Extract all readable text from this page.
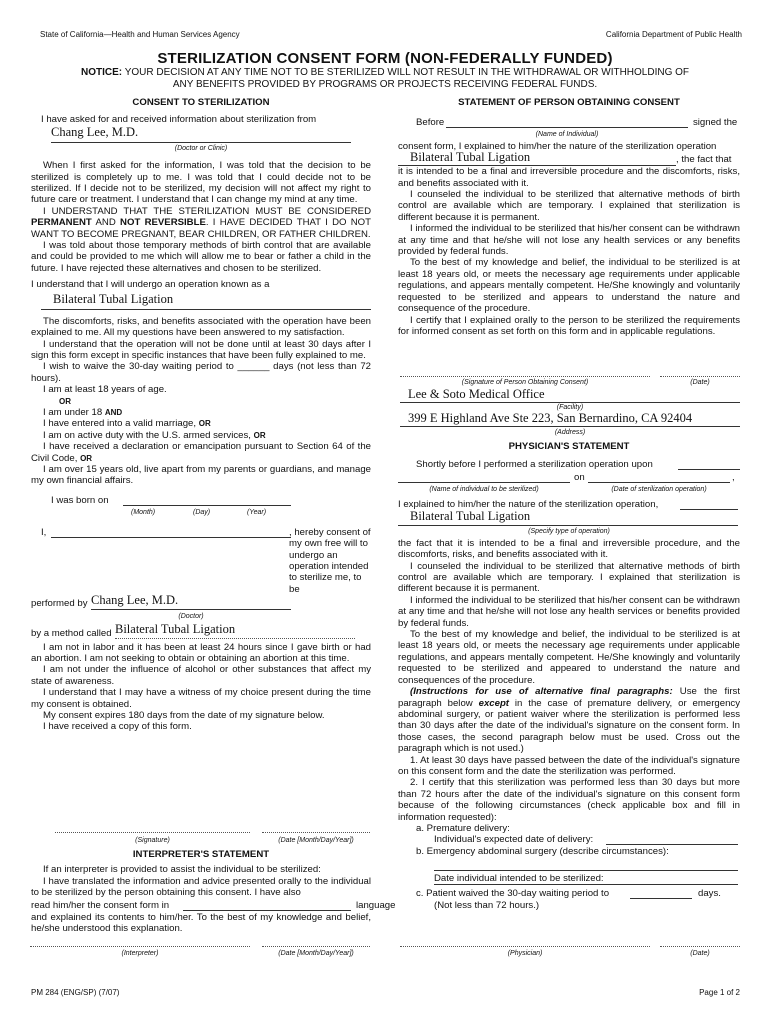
State of California—Health and Human Services Agency	California Department of Public Health
STERILIZATION CONSENT FORM (NON-FEDERALLY FUNDED)
NOTICE: YOUR DECISION AT ANY TIME NOT TO BE STERILIZED WILL NOT RESULT IN THE WITHDRAWAL OR WITHHOLDING OF
ANY BENEFITS PROVIDED BY PROGRAMS OR PROJECTS RECEIVING FEDERAL FUNDS.
CONSENT TO STERILIZATION

I have asked for and received information about sterilization from

Chang Lee, M.D.
(Doctor or Clinic)

When I first asked for the information, I was told that the decision to be sterilized is completely up to me. I was told that I could decide not to be sterilized. If I decide not to be sterilized, my decision will not affect my right to future care or treatment. I understand that I can change my mind at any time.

I UNDERSTAND THAT THE STERILIZATION MUST BE CONSIDERED PERMANENT AND NOT REVERSIBLE. I HAVE DECIDED THAT I DO NOT WANT TO BECOME PREGNANT, BEAR CHILDREN, OR FATHER CHILDREN.

I was told about those temporary methods of birth control that are available and could be provided to me which will allow me to bear or father a child in the future. I have rejected these alternatives and chosen to be sterilized.

I understand that I will undergo an operation known as a

Bilateral Tubal Ligation

The discomforts, risks, and benefits associated with the operation have been explained to me. All my questions have been answered to my satisfaction.

I understand that the operation will not be done until at least 30 days after I sign this form except in specific instances that have been fully explained to me.

I wish to waive the 30-day waiting period to ______ days (not less than 72 hours).

I am at least 18 years of age.

OR

I am under 18 AND

I have entered into a valid marriage, OR

I am on active duty with the U.S. armed services, OR

I have received a declaration or emancipation pursuant to Section 64 of the Civil Code, OR

I am over 15 years old, live apart from my parents or guardians, and manage my own financial affairs.

I was born on
(Month)	(Day)	(Year)
I,	, hereby consent of my own free will to undergo an operation intended to sterilize me, to be

performed by Chang Lee, M.D.
(Doctor)
by a method called Bilateral Tubal Ligation

I am not in labor and it has been at least 24 hours since I gave birth or had an abortion. I am not seeking to obtain or obtaining an abortion at this time.

I am not under the influence of alcohol or other substances that affect my state of awareness.

I understand that I may have a witness of my choice present during the time my consent is obtained.

My consent expires 180 days from the date of my signature below.

I have received a copy of this form.

(Signature)	(Date [Month/Day/Year])
INTERPRETER'S STATEMENT

If an interpreter is provided to assist the individual to be sterilized:

I have translated the information and advice presented orally to the individual to be sterilized by the person obtaining this consent. I have also

read him/her the consent form in	language

and explained its contents to him/her. To the best of my knowledge and belief, he/she understood this explanation.

(Interpreter)	(Date [Month/Day/Year])
STATEMENT OF PERSON OBTAINING CONSENT
Before	signed the
(Name of Individual)

consent form, I explained to him/her the nature of the sterilization operation

Bilateral Tubal Ligation	, the fact that

it is intended to be a final and irreversible procedure and the discomforts, risks, and benefits associated with it.

I counseled the individual to be sterilized that alternative methods of birth control are available which are temporary. I explained that sterilization is different because it is permanent.

I informed the individual to be sterilized that his/her consent can be withdrawn at any time and that he/she will not lose any health services or any benefits provided by federal funds.

To the best of my knowledge and belief, the individual to be sterilized is at least 18 years old, or meets the necessary age requirements under applicable regulations, and appears mentally competent. He/She knowingly and voluntarily requested to be sterilized and appears to understand the nature and consequence of the procedure.

I certify that I explained orally to the person to be sterilized the requirements for informed consent as set forth on this form and in applicable regulations.

(Signature of Person Obtaining Consent)	(Date)
Lee & Soto Medical Office
(Facility)
399 E Highland Ave Ste 223, San Bernardino, CA 92404
(Address)
PHYSICIAN'S STATEMENT
Shortly before I performed a sterilization operation upon
on	,
(Name of individual to be sterilized)	(Date of sterilization operation)
I explained to him/her the nature of the sterilization operation,
Bilateral Tubal Ligation
(Specify type of operation)

the fact that it is intended to be a final and irreversible procedure, and the discomforts, risks, and benefits associated with it.

I counseled the individual to be sterilized that alternative methods of birth control are available which are temporary. I explained that sterilization is different because it is permanent.

I informed the individual to be sterilized that his/her consent can be withdrawn at any time and that he/she will not lose any health services or benefits provided by federal funds.

To the best of my knowledge and belief, the individual to be sterilized is at least 18 years old, or meets the necessary age requirements under applicable regulations, and appears mentally competent. He/She knowingly and voluntarily requested to be sterilized and appeared to understand the nature and consequences of the procedure.

(Instructions for use of alternative final paragraphs: Use the first paragraph below except in the case of premature delivery, or emergency abdominal surgery, or patient waiver where the sterilization is performed less than 30 days after the date of the individual's signature on the consent form. In those cases, the second paragraph below must be used. Cross out the paragraph which is not used.)

1. At least 30 days have passed between the date of the individual's signature on this consent form and the date the sterilization was performed.

2. I certify that this sterilization was performed less than 30 days but more than 72 hours after the date of the individual's signature on this consent form because of the following circumstances (check applicable box and fill in information requested):

a. Premature delivery:
Individual's expected date of delivery:
b. Emergency abdominal surgery (describe circumstances):
Date individual intended to be sterilized:
c. Patient waived the 30-day waiting period to	days.
(Not less than 72 hours.)
(Physician)	(Date)
PM 284 (ENG/SP) (7/07)	Page 1 of 2
